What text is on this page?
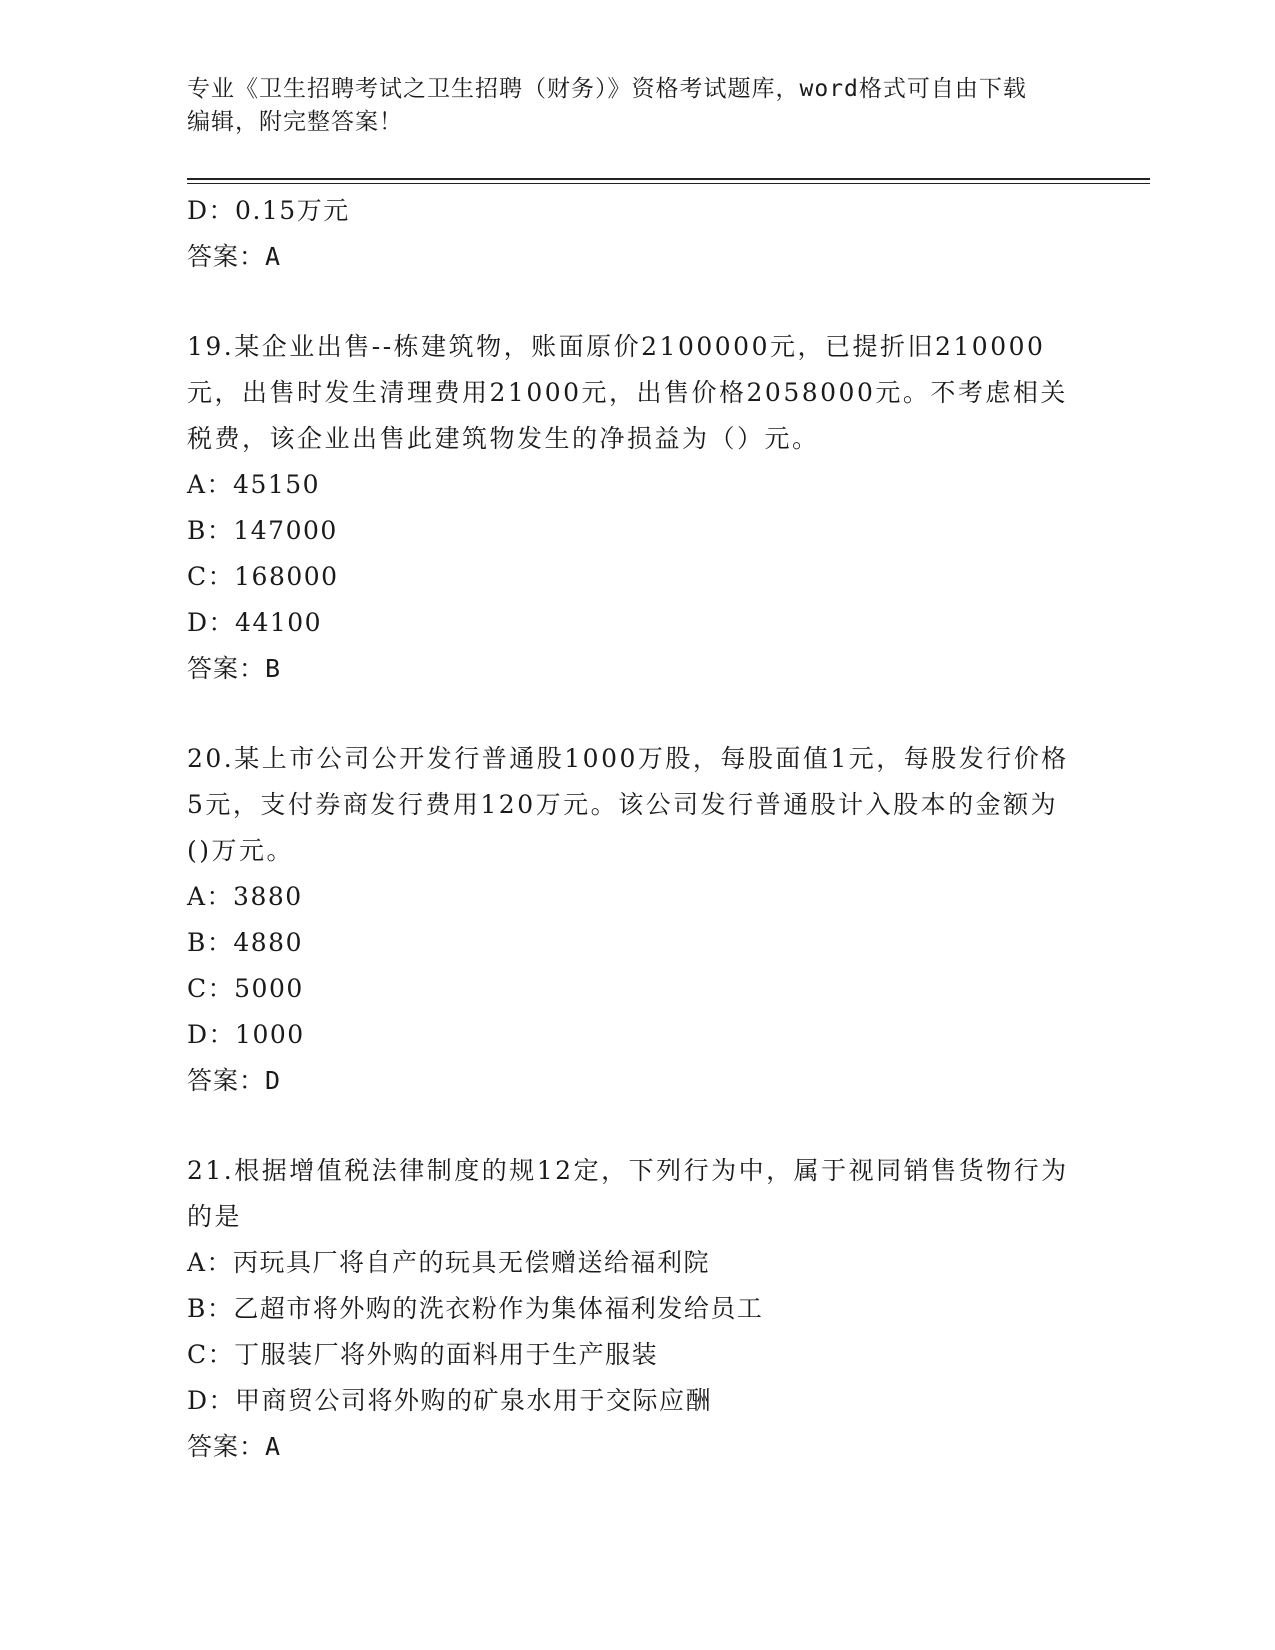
专业《卫生招聘考试之卫生招聘（财务）》资格考试题库，word格式可自由下载
编辑，附完整答案！
D：0.15万元
答案：A
19.某企业出售--栋建筑物，账面原价2100000元，已提折旧210000元，出售时发生清理费用21000元，出售价格2058000元。不考虑相关税费，该企业出售此建筑物发生的净损益为（）元。
A：45150
B：147000
C：168000
D：44100
答案：B
20.某上市公司公开发行普通股1000万股，每股面值1元，每股发行价格5元，支付券商发行费用120万元。该公司发行普通股计入股本的金额为()万元。
A：3880
B：4880
C：5000
D：1000
答案：D
21.根据增值税法律制度的规12定，下列行为中，属于视同销售货物行为的是
A：丙玩具厂将自产的玩具无偿赠送给福利院
B：乙超市将外购的洗衣粉作为集体福利发给员工
C：丁服装厂将外购的面料用于生产服装
D：甲商贸公司将外购的矿泉水用于交际应酬
答案：A
